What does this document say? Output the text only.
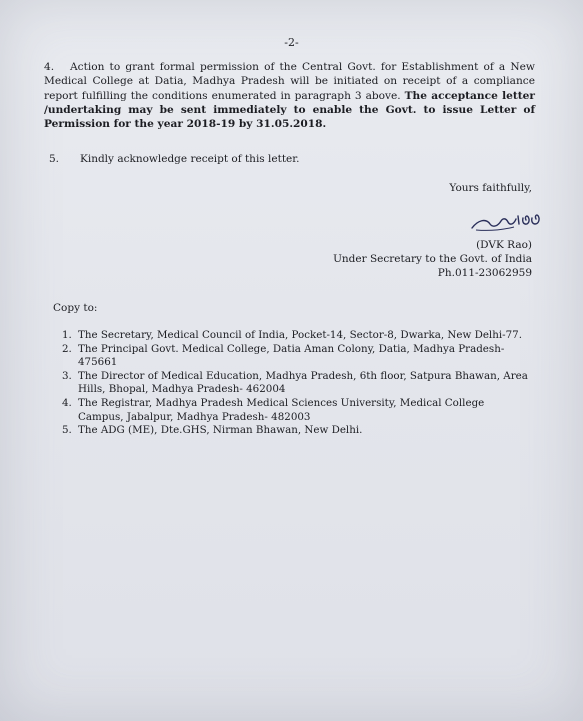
-2-
4. Action to grant formal permission of the Central Govt. for Establishment of a New Medical College at Datia, Madhya Pradesh will be initiated on receipt of a compliance report fulfilling the conditions enumerated in paragraph 3 above. The acceptance letter /undertaking may be sent immediately to enable the Govt. to issue Letter of Permission for the year 2018-19 by 31.05.2018.
5. Kindly acknowledge receipt of this letter.
Yours faithfully,
(DVK Rao)
Under Secretary to the Govt. of India
Ph.011-23062959
Copy to:
1. The Secretary, Medical Council of India, Pocket-14, Sector-8, Dwarka, New Delhi-77.
2. The Principal Govt. Medical College, Datia Aman Colony, Datia, Madhya Pradesh-475661
3. The Director of Medical Education, Madhya Pradesh, 6th floor, Satpura Bhawan, Area Hills, Bhopal, Madhya Pradesh- 462004
4. The Registrar, Madhya Pradesh Medical Sciences University, Medical College Campus, Jabalpur, Madhya Pradesh- 482003
5. The ADG (ME), Dte.GHS, Nirman Bhawan, New Delhi.
